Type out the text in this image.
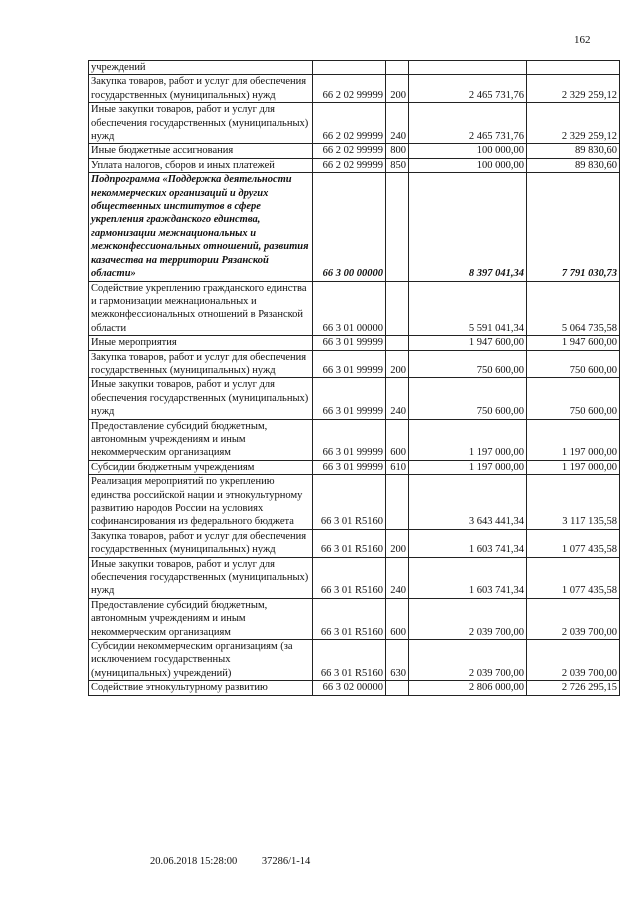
162
учреждений				
Закупка товаров, работ и услуг для обеспечения государственных (муниципальных) нужд	66 2 02 99999	200	2 465 731,76	2 329 259,12
Иные закупки товаров, работ и услуг для обеспечения государственных (муниципальных) нужд	66 2 02 99999	240	2 465 731,76	2 329 259,12
Иные бюджетные ассигнования	66 2 02 99999	800	100 000,00	89 830,60
Уплата налогов, сборов и иных платежей	66 2 02 99999	850	100 000,00	89 830,60
Подпрограмма «Поддержка деятельности некоммерческих организаций и других общественных институтов в сфере укрепления гражданского единства, гармонизации межнациональных и межконфессиональных отношений, развития казачества на территории Рязанской области»	66 3 00 00000		8 397 041,34	7 791 030,73
Содействие укреплению гражданского единства и гармонизации межнациональных и межконфессиональных отношений в Рязанской области	66 3 01 00000		5 591 041,34	5 064 735,58
Иные мероприятия	66 3 01 99999		1 947 600,00	1 947 600,00
Закупка товаров, работ и услуг для обеспечения государственных (муниципальных) нужд	66 3 01 99999	200	750 600,00	750 600,00
Иные закупки товаров, работ и услуг для обеспечения государственных (муниципальных) нужд	66 3 01 99999	240	750 600,00	750 600,00
Предоставление субсидий бюджетным, автономным учреждениям и иным некоммерческим организациям	66 3 01 99999	600	1 197 000,00	1 197 000,00
Субсидии бюджетным учреждениям	66 3 01 99999	610	1 197 000,00	1 197 000,00
Реализация мероприятий по укреплению единства российской нации и этнокультурному развитию народов России на условиях софинансирования из федерального бюджета	66 3 01 R5160		3 643 441,34	3 117 135,58
Закупка товаров, работ и услуг для обеспечения государственных (муниципальных) нужд	66 3 01 R5160	200	1 603 741,34	1 077 435,58
Иные закупки товаров, работ и услуг для обеспечения государственных (муниципальных) нужд	66 3 01 R5160	240	1 603 741,34	1 077 435,58
Предоставление субсидий бюджетным, автономным учреждениям и иным некоммерческим организациям	66 3 01 R5160	600	2 039 700,00	2 039 700,00
Субсидии некоммерческим организациям (за исключением государственных (муниципальных) учреждений)	66 3 01 R5160	630	2 039 700,00	2 039 700,00
Содействие этнокультурному развитию	66 3 02 00000		2 806 000,00	2 726 295,15
20.06.2018 15:28:00 37286/1-14
